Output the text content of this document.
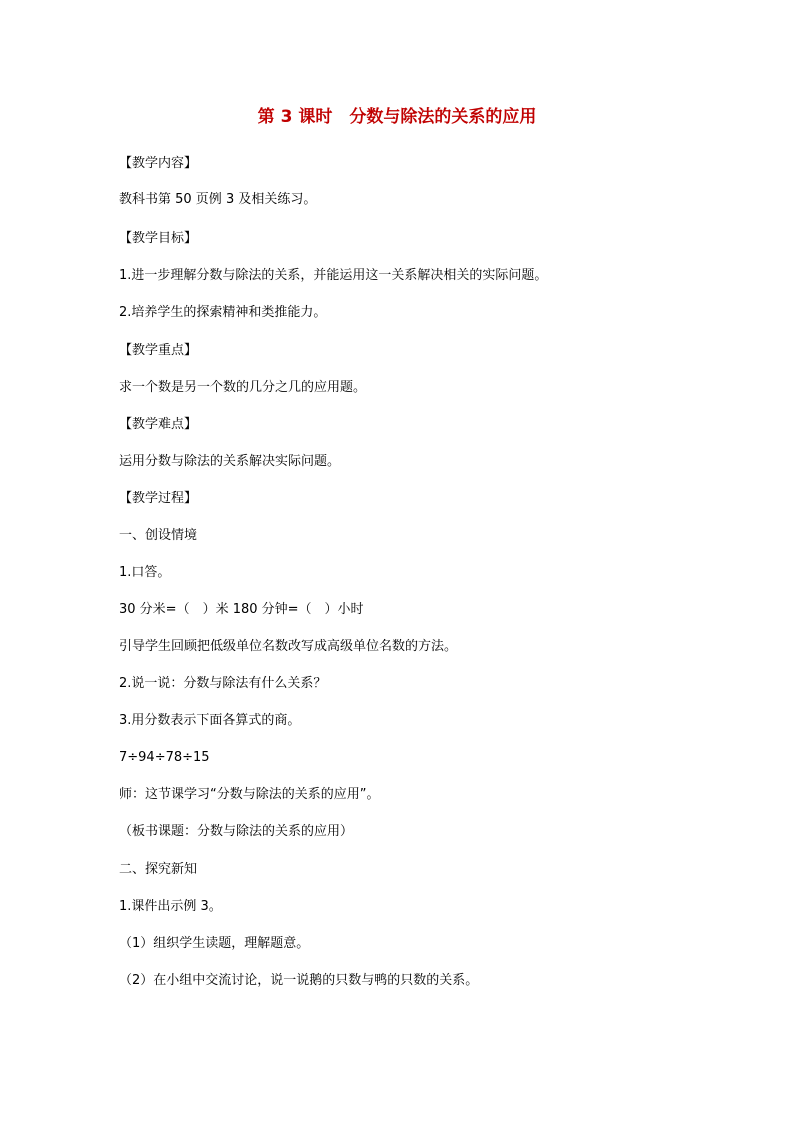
第 3 课时　分数与除法的关系的应用
【教学内容】
教科书第 50 页例 3 及相关练习。
【教学目标】
1.进一步理解分数与除法的关系，并能运用这一关系解决相关的实际问题。
2.培养学生的探索精神和类推能力。
【教学重点】
求一个数是另一个数的几分之几的应用题。
【教学难点】
运用分数与除法的关系解决实际问题。
【教学过程】
一、创设情境
1.口答。
30 分米=（　）米 180 分钟=（　）小时
引导学生回顾把低级单位名数改写成高级单位名数的方法。
2.说一说：分数与除法有什么关系？
3.用分数表示下面各算式的商。
7÷94÷78÷15
师：这节课学习“分数与除法的关系的应用”。
（板书课题：分数与除法的关系的应用）
二、探究新知
1.课件出示例 3。
（1）组织学生读题，理解题意。
（2）在小组中交流讨论，说一说鹅的只数与鸭的只数的关系。
